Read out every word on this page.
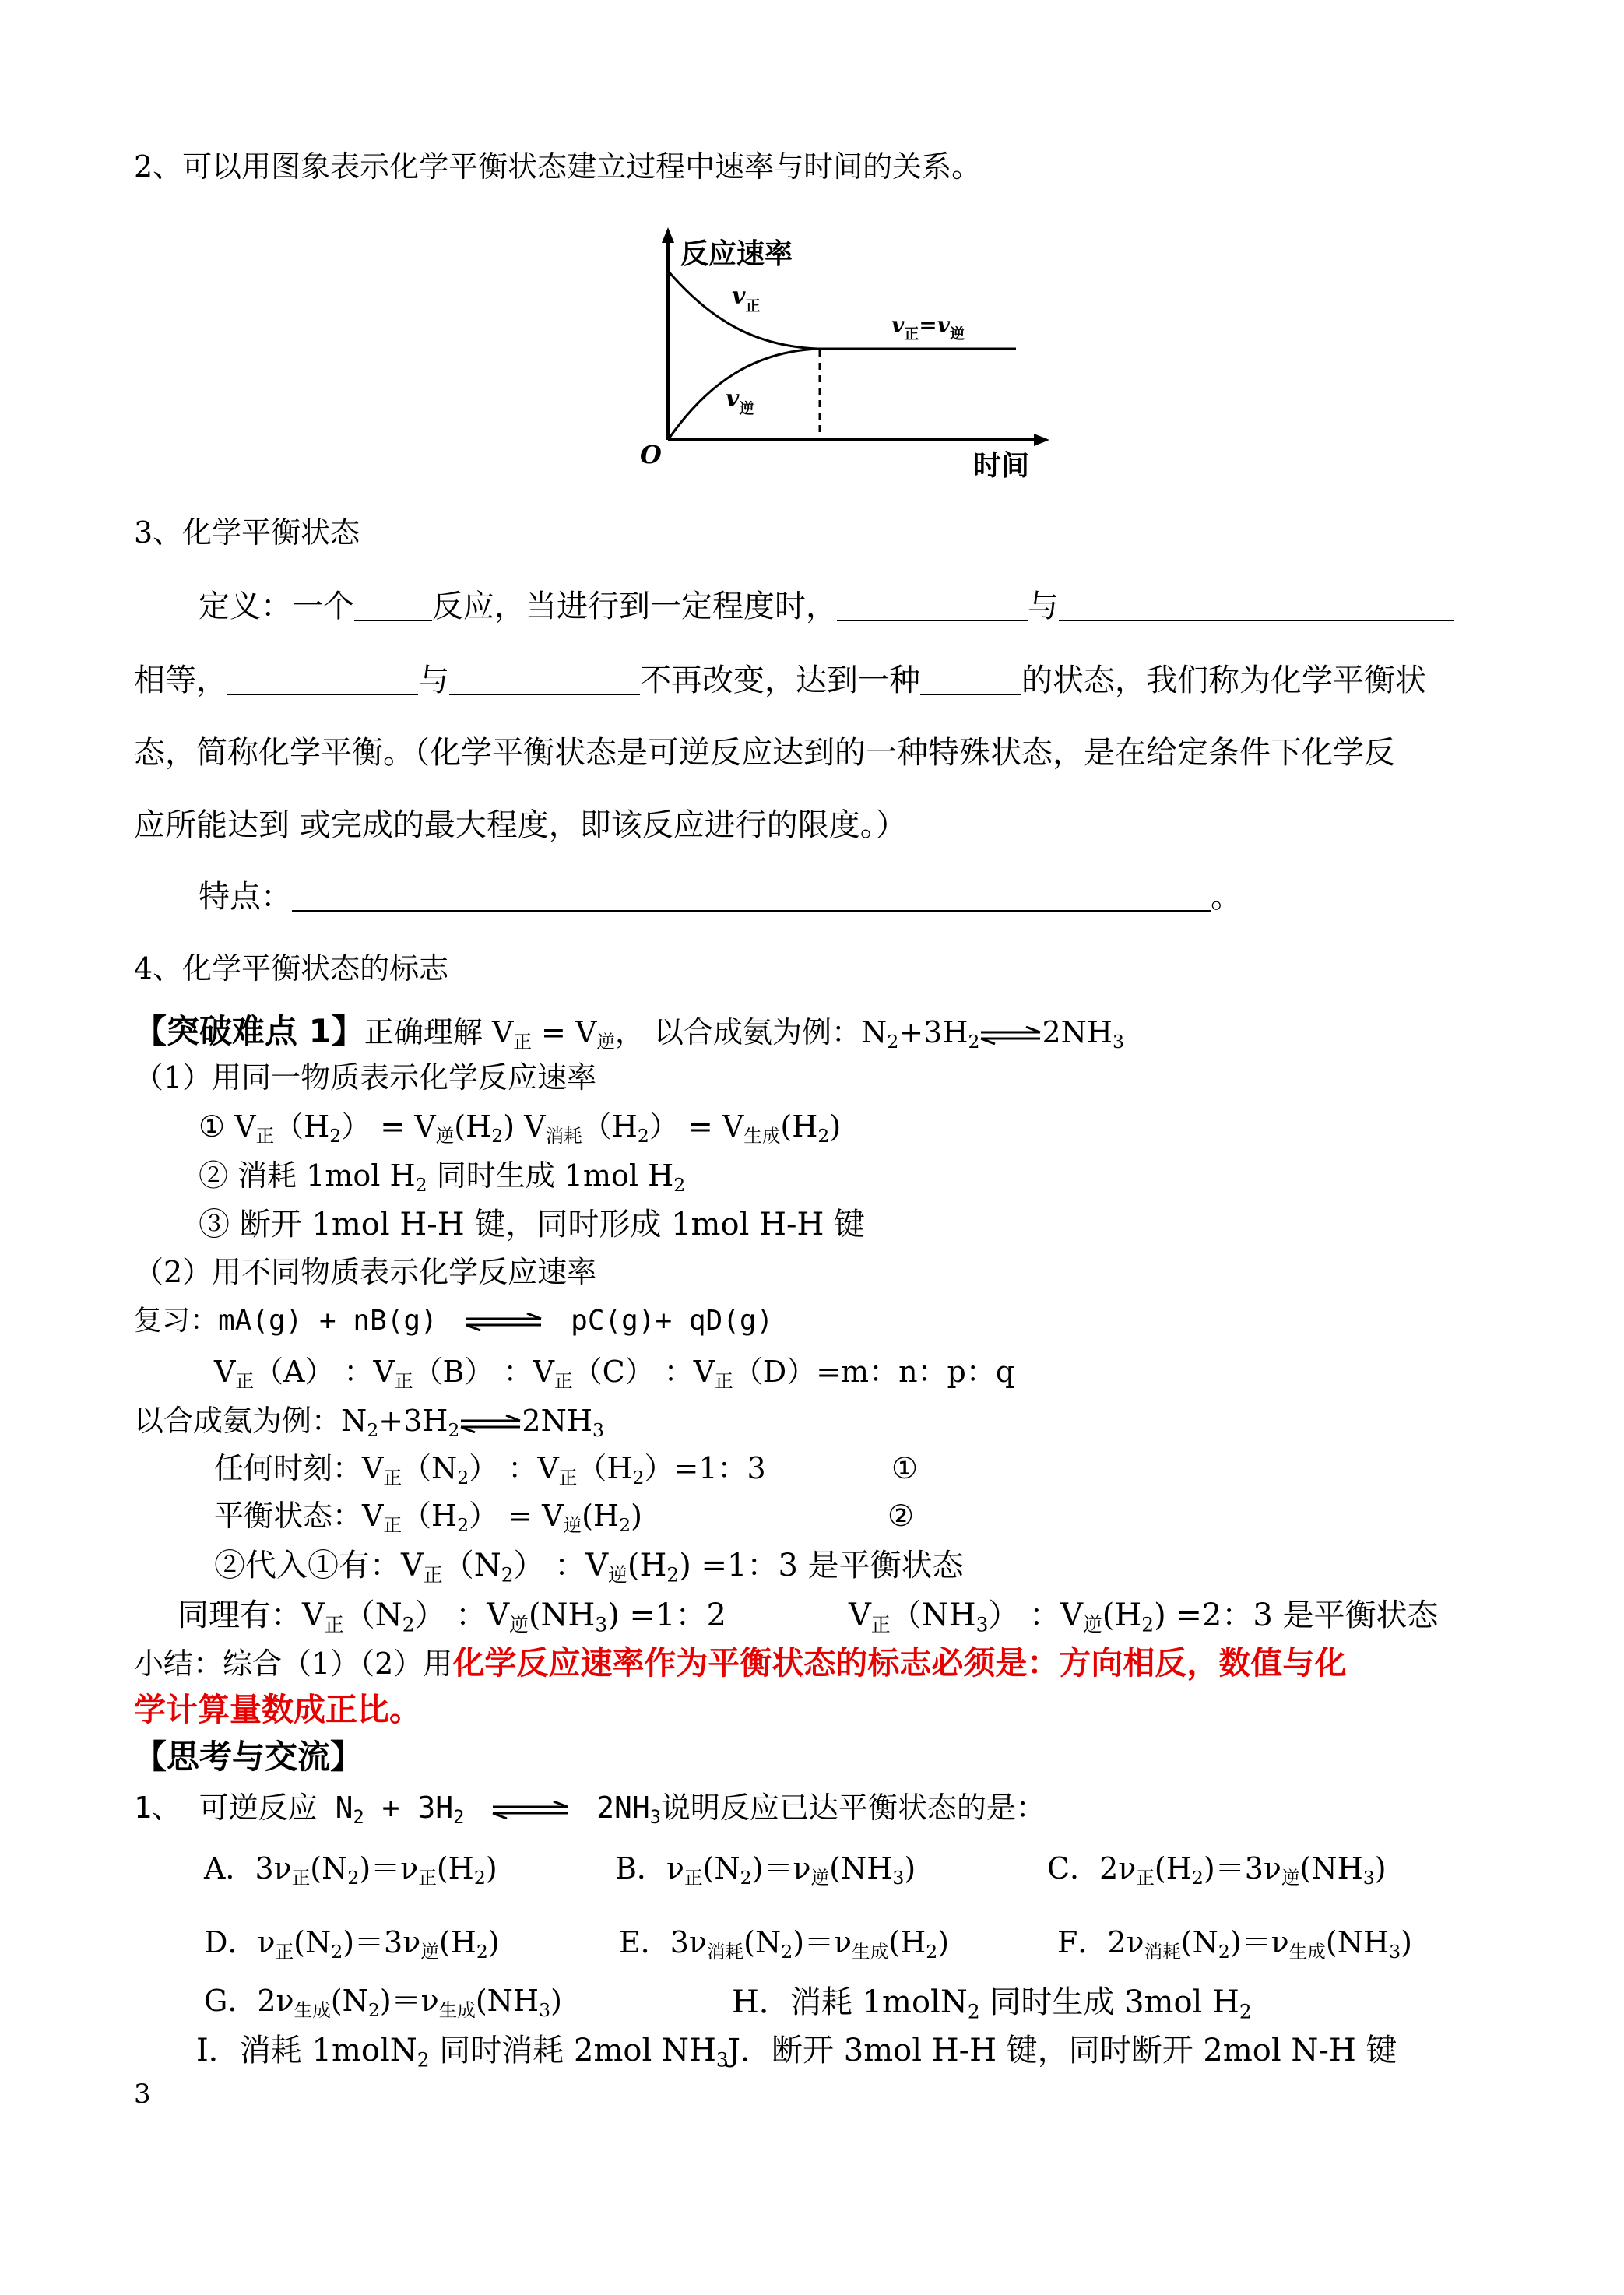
2、可以用图象表示化学平衡状态建立过程中速率与时间的关系。
反应速率
时间
O
$v_正$
$v_逆$
$v_正=v_逆$
3、化学平衡状态
定义：一个	反应，当进行到一定程度时，	与
相等，	与	不再改变，达到一种	的状态，我们称为化学平衡状
态，简称化学平衡。（化学平衡状态是可逆反应达到的一种特殊状态，是在给定条件下化学反
应所能达到 或完成的最大程度，即该反应进行的限度。）
特点：	。
4、化学平衡状态的标志
【突破难点 1】正确理解 $V_正 = V_逆$， 以合成氨为例：$N_2+3H_2\rightleftharpoons 2NH_3$
（1）用同一物质表示化学反应速率
① $V_正(H_2) = V_逆(H_2) V_{消耗}(H_2) = V_{生成}(H_2)$
② 消耗 1mol $H_2$ 同时生成 1mol $H_2$
③ 断开 1mol H-H 键，同时形成 1mol H-H 键
（2）用不同物质表示化学反应速率
复习：mA(g) + nB(g) ⇌ pC(g)+ qD(g)
$V_正(A)$ ：$V_正(B)$ ：$V_正(C)$ ：$V_正(D)=m$：n：p：q
以合成氨为例：$N_2+3H_2\rightleftharpoons 2NH_3$
任何时刻：$V_正(N_2)$ ：$V_正(H_2)=1$：3	①
平衡状态：$V_正(H_2) = V_逆(H_2)$	②
②代入①有：$V_正(N_2)$ ：$V_逆(H_2) =1$：3 是平衡状态
同理有：$V_正(N_2)$ ：$V_逆(NH_3) =1$：2	$V_正(NH_3)$ ：$V_逆(H_2) =2$：3 是平衡状态
小结：综合（1）（2）用化学反应速率作为平衡状态的标志必须是：方向相反，数值与化
学计算量数成正比。
【思考与交流】
1、 可逆反应 $N_2 + 3H_2$ ⇌ $2NH_3$说明反应已达平衡状态的是：
A．$3\nu_正(N_2)=\nu_正(H_2)$	B．$\nu_正(N_2)=\nu_逆(NH_3)$	C．$2\nu_正(H_2)=3\nu_逆(NH_3)$
D．$\nu_正(N_2)=3\nu_逆(H_2)$	E．$3\nu_{消耗}(N_2)=\nu_{生成}(H_2)$	F．$2\nu_{消耗}(N_2)=\nu_{生成}(NH_3)$
G．$2\nu_{生成}(N_2)=\nu_{生成}(NH_3)$	H．消耗 1molN$_2$ 同时生成 3mol $H_2$
I．消耗 1molN$_2$ 同时消耗 2mol $NH_3$ J．断开 3mol H-H 键，同时断开 2mol N-H 键
3
